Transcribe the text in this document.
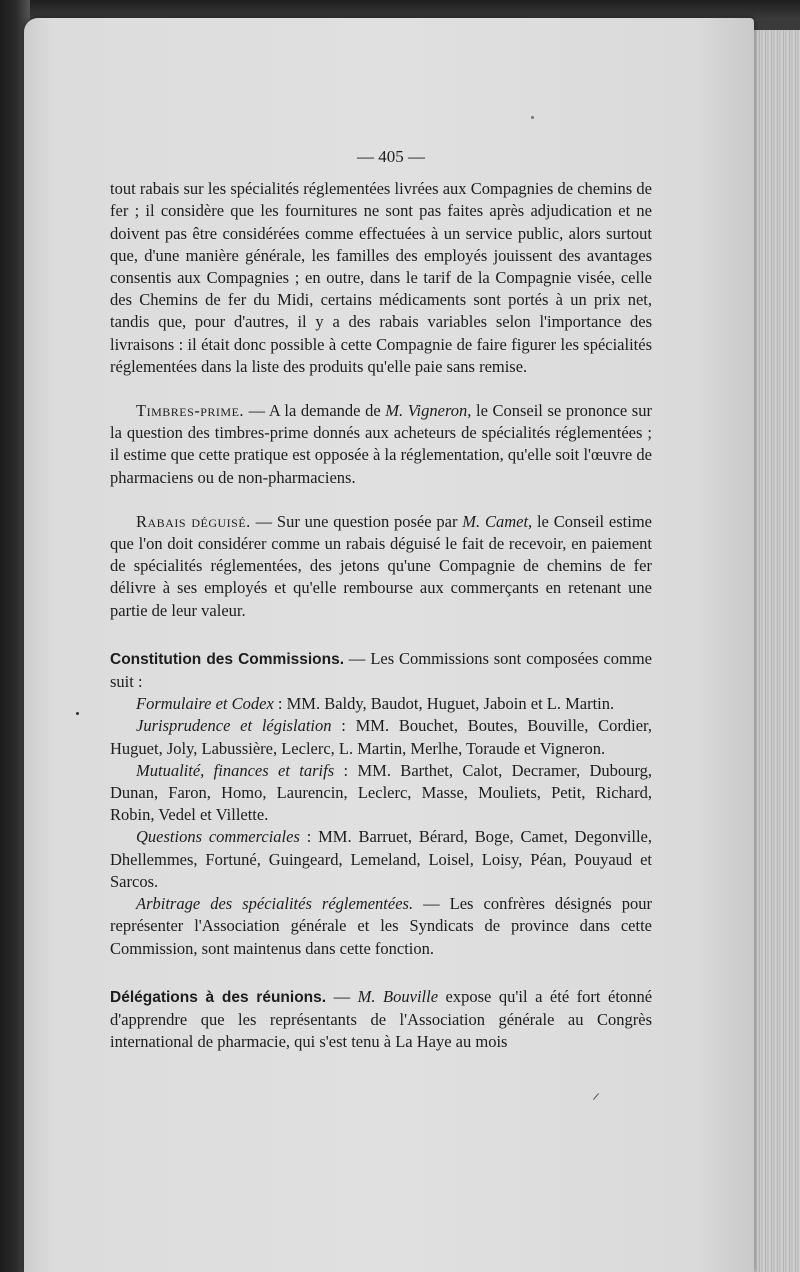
— 405 —

tout rabais sur les spécialités réglementées livrées aux Compagnies de chemins de fer ; il considère que les fournitures ne sont pas faites après adjudication et ne doivent pas être considérées comme effectuées à un service public, alors surtout que, d'une manière générale, les familles des employés jouissent des avantages consentis aux Compagnies ; en outre, dans le tarif de la Compagnie visée, celle des Chemins de fer du Midi, certains médicaments sont portés à un prix net, tandis que, pour d'autres, il y a des rabais variables selon l'importance des livraisons : il était donc possible à cette Compagnie de faire figurer les spécialités réglementées dans la liste des produits qu'elle paie sans remise.

Timbres-prime. — A la demande de M. Vigneron, le Conseil se prononce sur la question des timbres-prime donnés aux acheteurs de spécialités réglementées ; il estime que cette pratique est opposée à la réglementation, qu'elle soit l'œuvre de pharmaciens ou de non-pharmaciens.

Rabais déguisé. — Sur une question posée par M. Camet, le Conseil estime que l'on doit considérer comme un rabais déguisé le fait de recevoir, en paiement de spécialités réglementées, des jetons qu'une Compagnie de chemins de fer délivre à ses employés et qu'elle rembourse aux commerçants en retenant une partie de leur valeur.

Constitution des Commissions. — Les Commissions sont composées comme suit :

Formulaire et Codex : MM. Baldy, Baudot, Huguet, Jaboin et L. Martin.

Jurisprudence et législation : MM. Bouchet, Boutes, Bouville, Cordier, Huguet, Joly, Labussière, Leclerc, L. Martin, Merlhe, Toraude et Vigneron.

Mutualité, finances et tarifs : MM. Barthet, Calot, Decramer, Dubourg, Dunan, Faron, Homo, Laurencin, Leclerc, Masse, Mouliets, Petit, Richard, Robin, Vedel et Villette.

Questions commerciales : MM. Barruet, Bérard, Boge, Camet, Degonville, Dhellemmes, Fortuné, Guingeard, Lemeland, Loisel, Loisy, Péan, Pouyaud et Sarcos.

Arbitrage des spécialités réglementées. — Les confrères désignés pour représenter l'Association générale et les Syndicats de province dans cette Commission, sont maintenus dans cette fonction.

Délégations à des réunions. — M. Bouville expose qu'il a été fort étonné d'apprendre que les représentants de l'Association générale au Congrès international de pharmacie, qui s'est tenu à La Haye au mois
